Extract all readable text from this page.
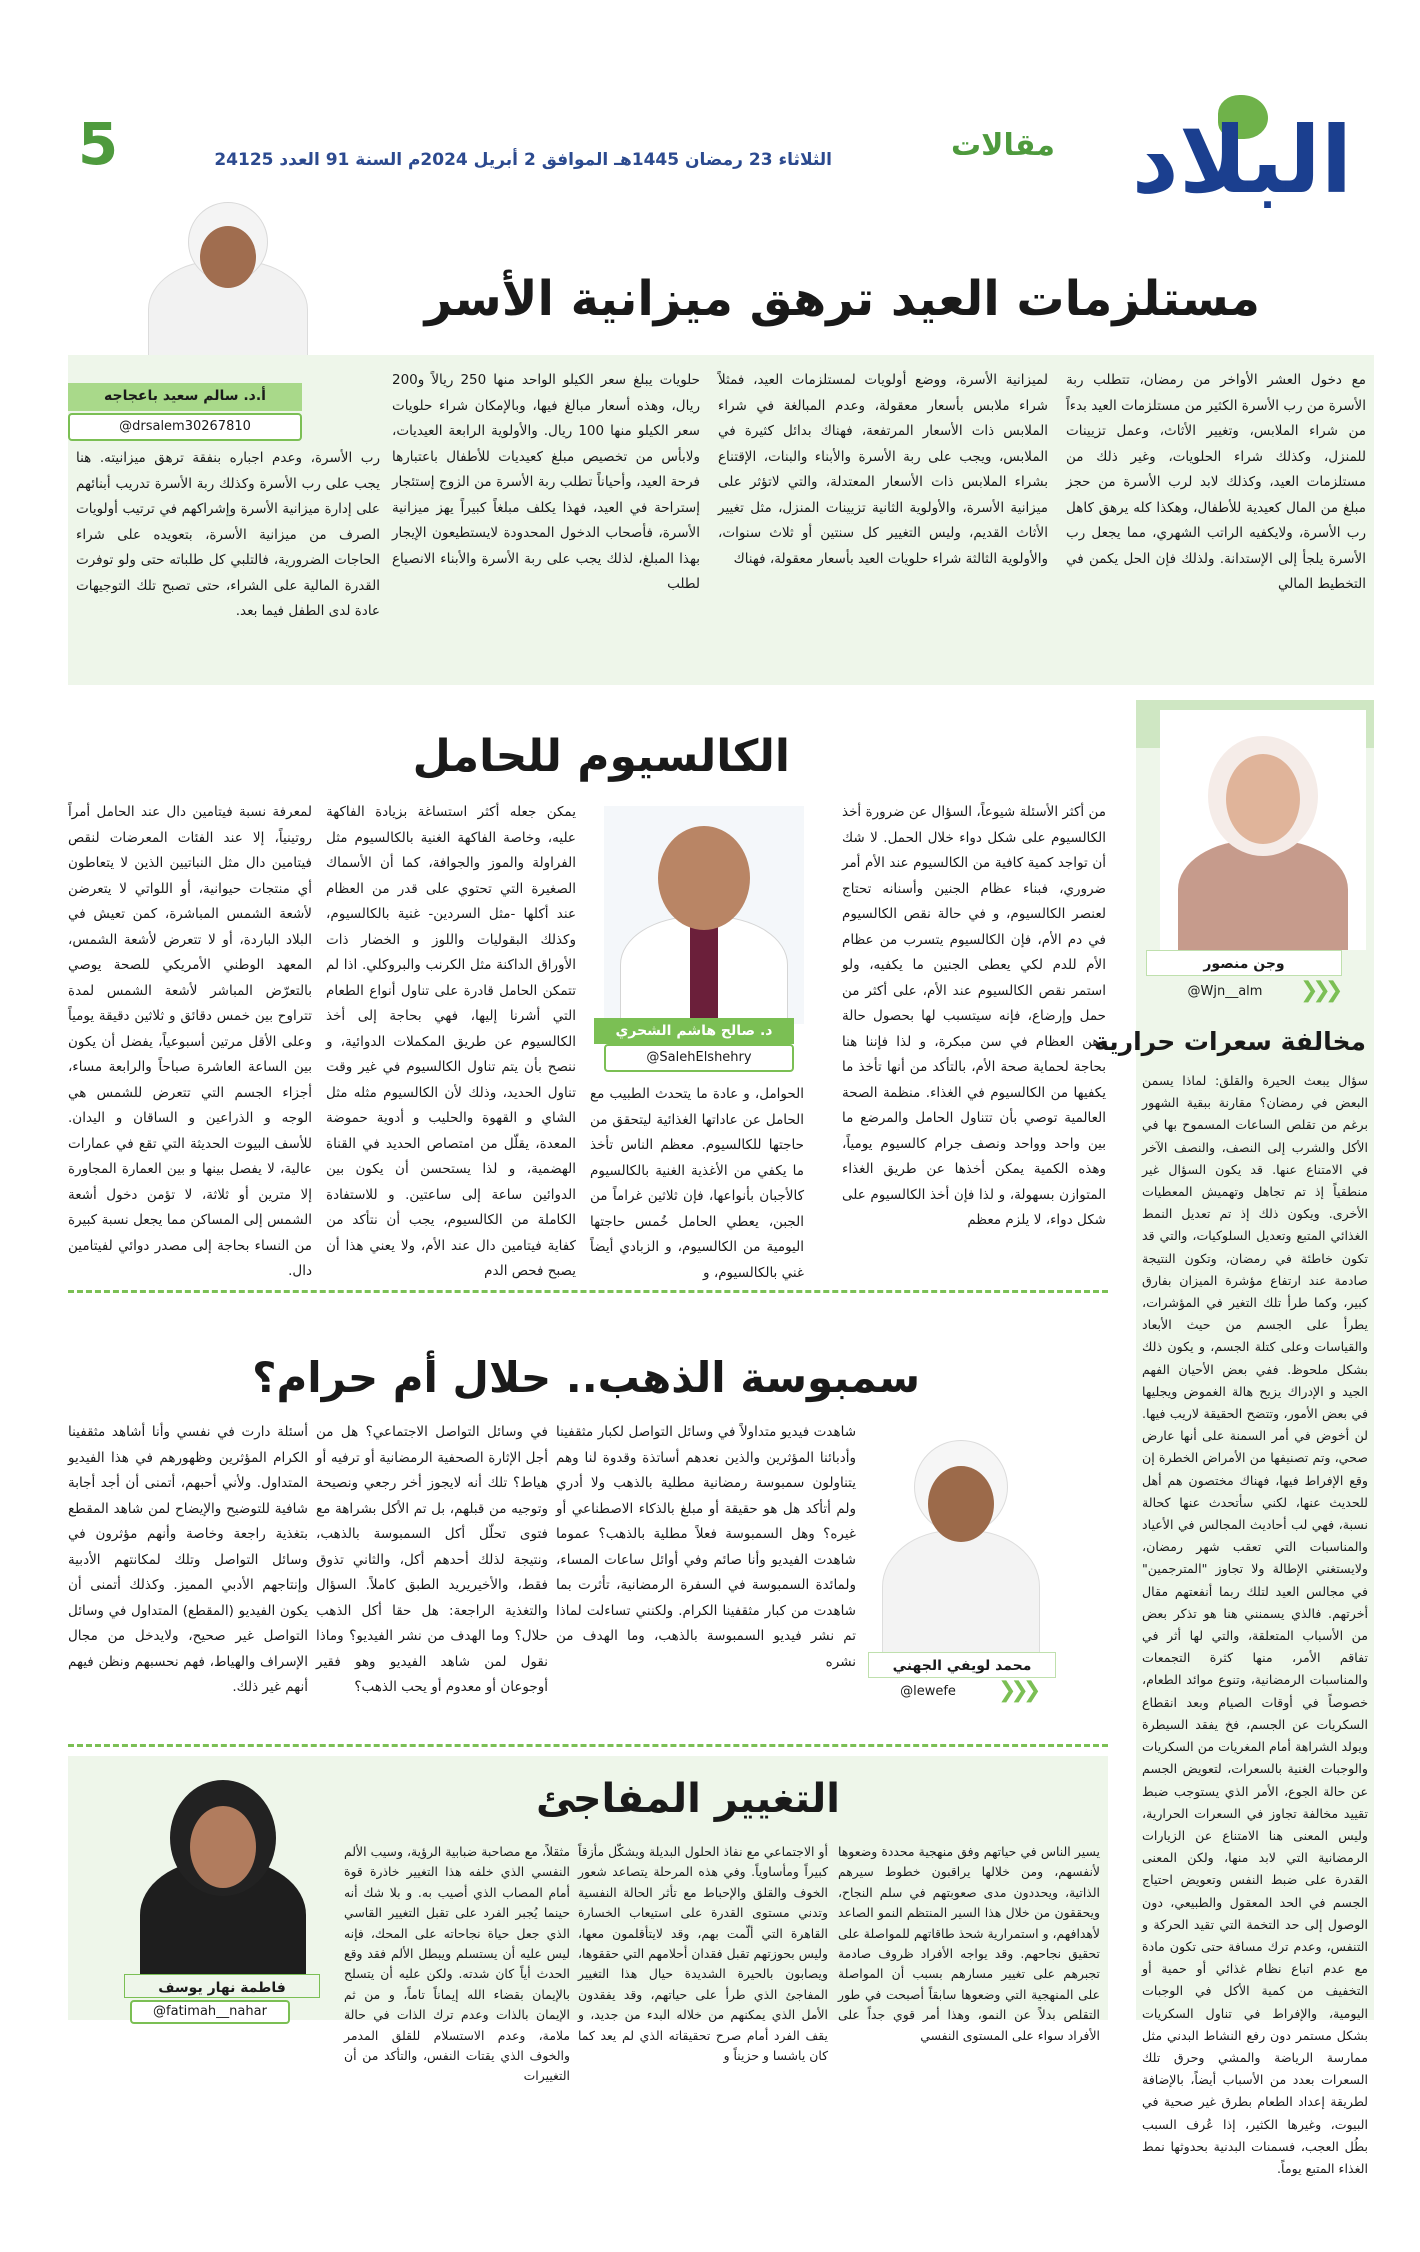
البلاد
مقالات
الثلاثاء 23 رمضان 1445هـ الموافق 2 أبريل 2024م السنة 91 العدد 24125
5
مستلزمات العيد ترهق ميزانية الأسر
أ.د. سالم سعيد باعجاجه
@drsalem30267810
مع دخول العشر الأواخر من رمضان، تتطلب ربة الأسرة من رب الأسرة الكثير من مستلزمات العيد بدءاً من شراء الملابس، وتغيير الأثاث، وعمل تزيينات للمنزل، وكذلك شراء الحلويات، وغير ذلك من مستلزمات العيد، وكذلك لابد لرب الأسرة من حجز مبلغ من المال كعيدية للأطفال، وهكذا كله يرهق كاهل رب الأسرة، ولايكفيه الراتب الشهري، مما يجعل رب الأسرة يلجأ إلى الإستدانة. ولذلك فإن الحل يكمن في التخطيط المالي
لميزانية الأسرة، ووضع أولويات لمستلزمات العيد، فمثلاً شراء ملابس بأسعار معقولة، وعدم المبالغة في شراء الملابس ذات الأسعار المرتفعة، فهناك بدائل كثيرة في الملابس، ويجب على ربة الأسرة والأبناء والبنات، الإقتناع بشراء الملابس ذات الأسعار المعتدلة، والتي لاتؤثر على ميزانية الأسرة، والأولوية الثانية تزيينات المنزل، مثل تغيير الأثاث القديم، وليس التغيير كل سنتين أو ثلاث سنوات، والأولوية الثالثة شراء حلويات العيد بأسعار معقولة، فهناك
حلويات يبلغ سعر الكيلو الواحد منها 250 ريالاً و200 ريال، وهذه أسعار مبالغ فيها، وبالإمكان شراء حلويات سعر الكيلو منها 100 ريال. والأولوية الرابعة العيديات، ولابأس من تخصيص مبلغ كعيديات للأطفال باعتبارها فرحة العيد، وأحياناً تطلب ربة الأسرة من الزوج إستئجار إستراحة في العيد، فهذا يكلف مبلغاً كبيراً يهز ميزانية الأسرة، فأصحاب الدخول المحدودة لايستطيعون الإيجار بهذا المبلغ، لذلك يجب على ربة الأسرة والأبناء الانصياع لطلب
رب الأسرة، وعدم اجباره بنفقة ترهق ميزانيته. هنا يجب على رب الأسرة وكذلك ربة الأسرة تدريب أبنائهم على إدارة ميزانية الأسرة وإشراكهم في ترتيب أولويات الصرف من ميزانية الأسرة، بتعويده على شراء الحاجات الضرورية، فالتلبي كل طلباته حتى ولو توفرت القدرة المالية على الشراء، حتى تصبح تلك التوجيهات عادة لدى الطفل فيما بعد.
وجن منصور
@Wjn__alm	❯❯❯
مخالفة سعرات حرارية
سؤال يبعث الحيرة والقلق: لماذا يسمن البعض في رمضان؟ مقارنة ببقية الشهور برغم من تقلص الساعات المسموح بها في الأكل والشرب إلى النصف، والنصف الآخر في الامتناع عنها. قد يكون السؤال غير منطقياً إذ تم تجاهل وتهميش المعطيات الأخرى. ويكون ذلك إذ تم تعديل النمط الغذائي المتبع وتعديل السلوكيات، والتي قد تكون خاطئة في رمضان، وتكون النتيجة صادمة عند ارتفاع مؤشرة الميزان بفارق كبير، وكما طرأ تلك التغير في المؤشرات، يطرأ على الجسم من حيث الأبعاد والقياسات وعلى كتلة الجسم، و يكون ذلك بشكل ملحوظ. ففي بعض الأحيان الفهم الجيد و الإدراك يزيح هالة الغموض ويجليها في بعض الأمور، وتتضح الحقيقة لاريب فيها. لن أخوض في أمر السمنة على أنها عارض صحي، وتم تصنيفها من الأمراض الخطرة إن وقع الإفراط فيها، فهناك مختصون هم أهل للحديث عنها، لكني سأتحدث عنها كحالة نسبة، فهي لب أحاديث المجالس في الأعياد والمناسبات التي تعقب شهر رمضان، ولايستغني الإطالة ولا تجاوز "المترجمين" في مجالس العيد لتلك ربما أنفعتهم مقال أخرتهم. فالذي يسمنني هنا هو تذكر بعض من الأسباب المتعلقة، والتي لها أثر في تفاقم الأمر، منها كثرة التجمعات والمناسبات الرمضانية، وتنوع موائد الطعام، خصوصاً في أوقات الصيام وبعد انقطاع السكريات عن الجسم، فخ يفقد السيطرة ويولد الشراهة أمام المغريات من السكريات والوجبات الغنية بالسعرات، لتعويض الجسم عن حالة الجوع، الأمر الذي يستوجب ضبط تقييد مخالفة تجاوز في السعرات الحرارية، وليس المعنى هنا الامتناع عن الزيارات الرمضانية التي لابد منها، ولكن المعنى القدرة على ضبط النفس وتعويض احتياج الجسم في الحد المعقول والطبيعي، دون الوصول إلى حد التخمة التي تقيد الحركة و التنفس، وعدم ترك مسافة حتى تكون مادة مع عدم اتباع نظام غذائي أو حمية أو التخفيف من كمية الأكل في الوجبات اليومية، والإفراط في تناول السكريات بشكل مستمر دون رفع النشاط البدني مثل ممارسة الرياضة والمشي وحرق تلك السعرات بعدد من الأسباب أيضاً، بالإضافة لطريقة إعداد الطعام بطرق غير صحية في البيوت، وغيرها الكثير، إذا عُرف السبب بطُل العجب، فسمنات البدنية بحدوثها نمط الغذاء المتبع يوماً.
الكالسيوم للحامل
د. صالح هاشم الشحري
@SalehElshehry
من أكثر الأسئلة شيوعاً، السؤال عن ضرورة أخذ الكالسيوم على شكل دواء خلال الحمل. لا شك أن تواجد كمية كافية من الكالسيوم عند الأم أمر ضروري، فبناء عظام الجنين وأسنانه تحتاج لعنصر الكالسيوم، و في حالة نقص الكالسيوم في دم الأم، فإن الكالسيوم يتسرب من عظام الأم للدم لكي يعطى الجنين ما يكفيه، ولو استمر نقص الكالسيوم عند الأم، على أكثر من حمل وإرضاع، فإنه سيتسبب لها بحصول حالة وهن العظام في سن مبكرة، و لذا فإننا هنا بحاجة لحماية صحة الأم، بالتأكد من أنها تأخذ ما يكفيها من الكالسيوم في الغذاء. منظمة الصحة العالمية توصي بأن تتناول الحامل والمرضع ما بين واحد وواحد ونصف جرام كالسيوم يومياً، وهذه الكمية يمكن أخذها عن طريق الغذاء المتوازن بسهولة، و لذا فإن أخذ الكالسيوم على شكل دواء، لا يلزم معظم
الحوامل، و عادة ما يتحدث الطبيب مع الحامل عن عاداتها الغذائية ليتحقق من حاجتها للكالسيوم. معظم الناس تأخذ ما يكفي من الأغذية الغنية بالكالسيوم كالأجبان بأنواعها، فإن ثلاثين غراماً من الجبن، يعطي الحامل خُمس حاجتها اليومية من الكالسيوم، و الزبادي أيضاً غني بالكالسيوم، و
يمكن جعله أكثر استساغة بزيادة الفاكهة عليه، وخاصة الفاكهة الغنية بالكالسيوم مثل الفراولة والموز والجوافة، كما أن الأسماك الصغيرة التي تحتوي على قدر من العظام عند أكلها -مثل السردين- غنية بالكالسيوم، وكذلك البقوليات واللوز و الخضار ذات الأوراق الداكنة مثل الكرنب والبروكلي. اذا لم تتمكن الحامل قادرة على تناول أنواع الطعام التي أشرنا إليها، فهي بحاجة إلى أخذ الكالسيوم عن طريق المكملات الدوائية، و ننصح بأن يتم تناول الكالسيوم في غير وقت تناول الحديد، وذلك لأن الكالسيوم مثله مثل الشاي و القهوة والحليب و أدوية حموضة المعدة، يقلّل من امتصاص الحديد في القناة الهضمية، و لذا يستحسن أن يكون بين الدوائين ساعة إلى ساعتين. و للاستفادة الكاملة من الكالسيوم، يجب أن نتأكد من كفاية فيتامين دال عند الأم، ولا يعني هذا أن يصبح فحص الدم
لمعرفة نسبة فيتامين دال عند الحامل أمراً روتينياً، إلا عند الفئات المعرضات لنقص فيتامين دال مثل النباتيين الذين لا يتعاطون أي منتجات حيوانية، أو اللواتي لا يتعرضن لأشعة الشمس المباشرة، كمن تعيش في البلاد الباردة، أو لا تتعرض لأشعة الشمس، المعهد الوطني الأمريكي للصحة يوصي بالتعرّض المباشر لأشعة الشمس لمدة تتراوح بين خمس دقائق و ثلاثين دقيقة يومياً وعلى الأقل مرتين أسبوعياً، يفضل أن يكون بين الساعة العاشرة صباحاً والرابعة مساء، أجزاء الجسم التي تتعرض للشمس هي الوجه و الذراعين و الساقان و اليدان. للأسف البيوت الحديثة التي تقع في عمارات عالية، لا يفصل بينها و بين العمارة المجاورة إلا مترين أو ثلاثة، لا تؤمن دخول أشعة الشمس إلى المساكن مما يجعل نسبة كبيرة من النساء بحاجة إلى مصدر دوائي لفيتامين دال.
سمبوسة الذهب.. حلال أم حرام؟
محمد لويفي الجهني
@lewefe	❯❯❯
شاهدت فيديو متداولاً في وسائل التواصل لكبار مثقفينا وأدبائنا المؤثرين والذين نعدهم أساتذة وقدوة لنا وهم يتناولون سمبوسة رمضانية مطلية بالذهب ولا أدري ولم أتأكد هل هو حقيقة أو مبلغ بالذكاء الاصطناعي أو غيره؟ وهل السمبوسة فعلاً مطلية بالذهب؟ عموما شاهدت الفيديو وأنا صائم وفي أوائل ساعات المساء، ولمائدة السمبوسة في السفرة الرمضانية، تأثرت بما شاهدت من كبار مثقفينا الكرام. ولكنني تساءلت لماذا تم نشر فيديو السمبوسة بالذهب، وما الهدف من نشره
في وسائل التواصل الاجتماعي؟ هل من أجل الإثارة الصحفية الرمضانية أو ترفيه أو هياط؟ تلك أنه لايجوز أخر رجعي ونصيحة وتوجيه من قبلهم، بل تم الأكل بشراهة مع فتوى تحلّل أكل السمبوسة بالذهب، ونتيجة لذلك أحدهم أكل، والثاني تذوق فقط، والأخيريريد الطبق كاملاً. السؤال والتغذية الراجعة: هل حقا أكل الذهب حلال؟ وما الهدف من نشر الفيديو؟ وماذا نقول لمن شاهد الفيديو وهو فقير أوجوعان أو معدوم أو يحب الذهب؟
أسئلة دارت في نفسي وأنا أشاهد مثقفينا الكرام المؤثرين وظهورهم في هذا الفيديو المتداول. ولأني أحبهم، أتمنى أن أجد أجابة شافية للتوضيح والإيضاح لمن شاهد المقطع بتغذية راجعة وخاصة وأنهم مؤثرون في وسائل التواصل وتلك لمكانتهم الأدبية وإنتاجهم الأدبي المميز. وكذلك أتمنى أن يكون الفيديو (المقطع) المتداول في وسائل التواصل غير صحيح، ولايدخل من مجال الإسراف والهياط، فهم نحسبهم ونظن فيهم أنهم غير ذلك.
التغيير المفاجئ
فاطمة نهار يوسف
@fatimah__nahar
يسير الناس في حياتهم وفق منهجية محددة وضعوها لأنفسهم، ومن خلالها يراقبون خطوط سيرهم الذاتية، ويحددون مدى صعوبتهم في سلم النجاح، ويحققون من خلال هذا السير المنتظم النمو الصاعد لأهدافهم، و استمرارية شحذ طاقاتهم للمواصلة على تحقيق نجاحهم. وقد يواجه الأفراد ظروف صادمة تجبرهم على تغيير مسارهم بسبب أن المواصلة على المنهجية التي وضعوها سابقاً أصبحت في طور التقلص بدلاً عن النمو، وهذا أمر قوي جداً على الأفراد سواء على المستوى النفسي
أو الاجتماعي مع نفاذ الحلول البديلة ويشكّل مأزقاً كبيراً ومأساوياً. وفي هذه المرحلة يتصاعد شعور الخوف والقلق والإحباط مع تأثر الحالة النفسية وتدني مستوى القدرة على استيعاب الخسارة القاهرة التي ألّمت بهم، وقد لايتأقلمون معها، وليس بحوزتهم تقبل فقدان أحلامهم التي حققوها، ويصابون بالحيرة الشديدة حيال هذا التغيير المفاجئ الذي طرأ على حياتهم، وقد يفقدون الأمل الذي يمكنهم من خلاله البدء من جديد، و يقف الفرد أمام صرح تحقيقاته الذي لم يعد كما كان ياشسا و حزيناً و
مثقلاً، مع مصاحبة ضبابية الرؤية، وسيب الألم النفسي الذي خلفه هذا التغيير خاذرة قوة أمام المصاب الذي أصيب به. و بلا شك أنه حينما يُجبر الفرد على تقبل التغيير القاسي الذي جعل حياة نجاحاته على المحك، فإنه ليس عليه أن يستسلم ويبطل الألم فقد وقع الحدث أياً كان شدته. ولكن عليه أن يتسلح بالإيمان بقضاء الله إيماناً تاماً، و من ثم الإيمان بالذات وعدم ترك الذات في حالة ملامة، وعدم الاستسلام للقلق المدمر والخوف الذي يقتات النفس، والتأكد من أن التغييرات
